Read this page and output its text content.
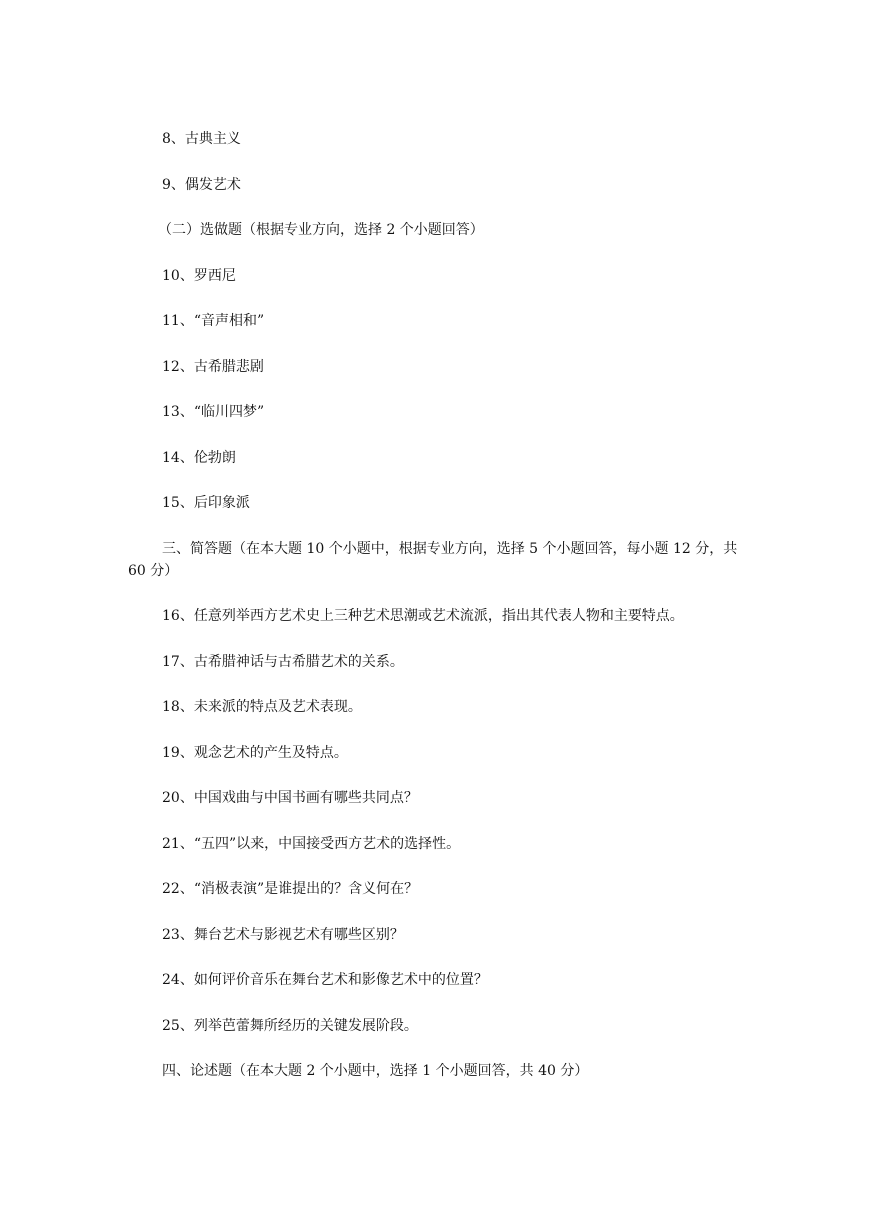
8、古典主义
9、偶发艺术
（二）选做题（根据专业方向，选择 2 个小题回答）
10、罗西尼
11、“音声相和”
12、古希腊悲剧
13、“临川四梦”
14、伦勃朗
15、后印象派
三、简答题（在本大题 10 个小题中，根据专业方向，选择 5 个小题回答，每小题 12 分，共 60 分）
16、任意列举西方艺术史上三种艺术思潮或艺术流派，指出其代表人物和主要特点。
17、古希腊神话与古希腊艺术的关系。
18、未来派的特点及艺术表现。
19、观念艺术的产生及特点。
20、中国戏曲与中国书画有哪些共同点？
21、“五四”以来，中国接受西方艺术的选择性。
22、“消极表演”是谁提出的？含义何在？
23、舞台艺术与影视艺术有哪些区别？
24、如何评价音乐在舞台艺术和影像艺术中的位置？
25、列举芭蕾舞所经历的关键发展阶段。
四、论述题（在本大题 2 个小题中，选择 1 个小题回答，共 40 分）
